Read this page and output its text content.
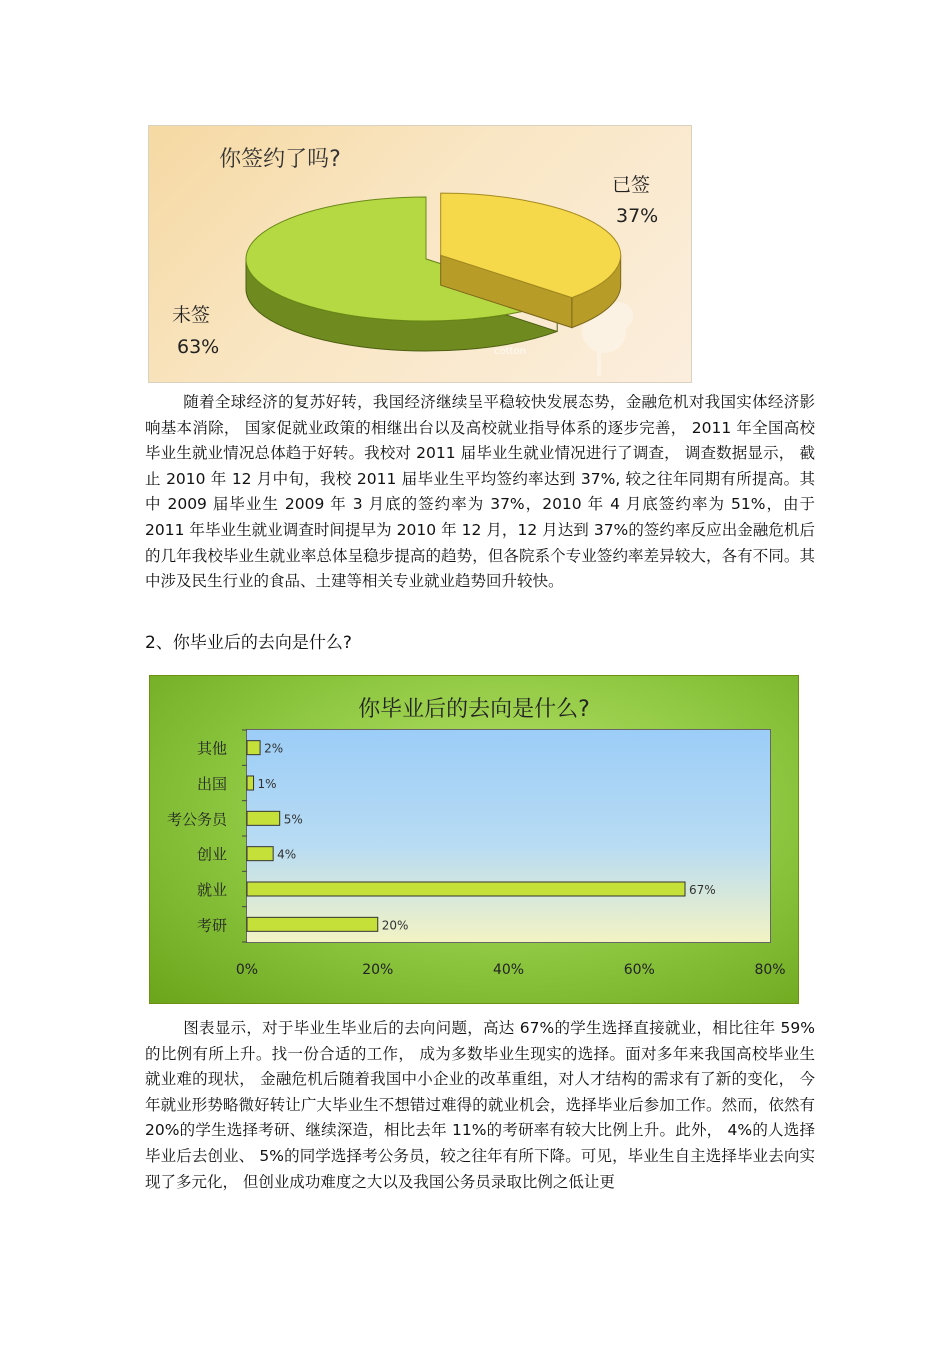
cotton
你签约了吗?
已签
37%
未签
63%
随着全球经济的复苏好转，我国经济继续呈平稳较快发展态势，金融危机对我国实体经济影响基本消除， 国家促就业政策的相继出台以及高校就业指导体系的逐步完善， 2011 年全国高校毕业生就业情况总体趋于好转。我校对 2011 届毕业生就业情况进行了调查， 调查数据显示， 截止 2010 年 12 月中旬，我校 2011 届毕业生平均签约率达到 37%, 较之往年同期有所提高。其中 2009 届毕业生 2009 年 3 月底的签约率为 37%，2010 年 4 月底签约率为 51%，由于 2011 年毕业生就业调查时间提早为 2010 年 12 月，12 月达到 37%的签约率反应出金融危机后的几年我校毕业生就业率总体呈稳步提高的趋势，但各院系个专业签约率差异较大，各有不同。其中涉及民生行业的食品、土建等相关专业就业趋势回升较快。
2、你毕业后的去向是什么?
你毕业后的去向是什么?
其他	2%
出国	1%
考公务员	5%
创业	4%
就业	67%
考研	20%
0%	20%	40%	60%	80%
图表显示，对于毕业生毕业后的去向问题，高达 67%的学生选择直接就业，相比往年 59%的比例有所上升。找一份合适的工作， 成为多数毕业生现实的选择。面对多年来我国高校毕业生就业难的现状， 金融危机后随着我国中小企业的改革重组，对人才结构的需求有了新的变化， 今年就业形势略微好转让广大毕业生不想错过难得的就业机会，选择毕业后参加工作。然而，依然有 20%的学生选择考研、继续深造，相比去年 11%的考研率有较大比例上升。此外， 4%的人选择毕业后去创业、 5%的同学选择考公务员，较之往年有所下降。可见，毕业生自主选择毕业去向实现了多元化， 但创业成功难度之大以及我国公务员录取比例之低让更
